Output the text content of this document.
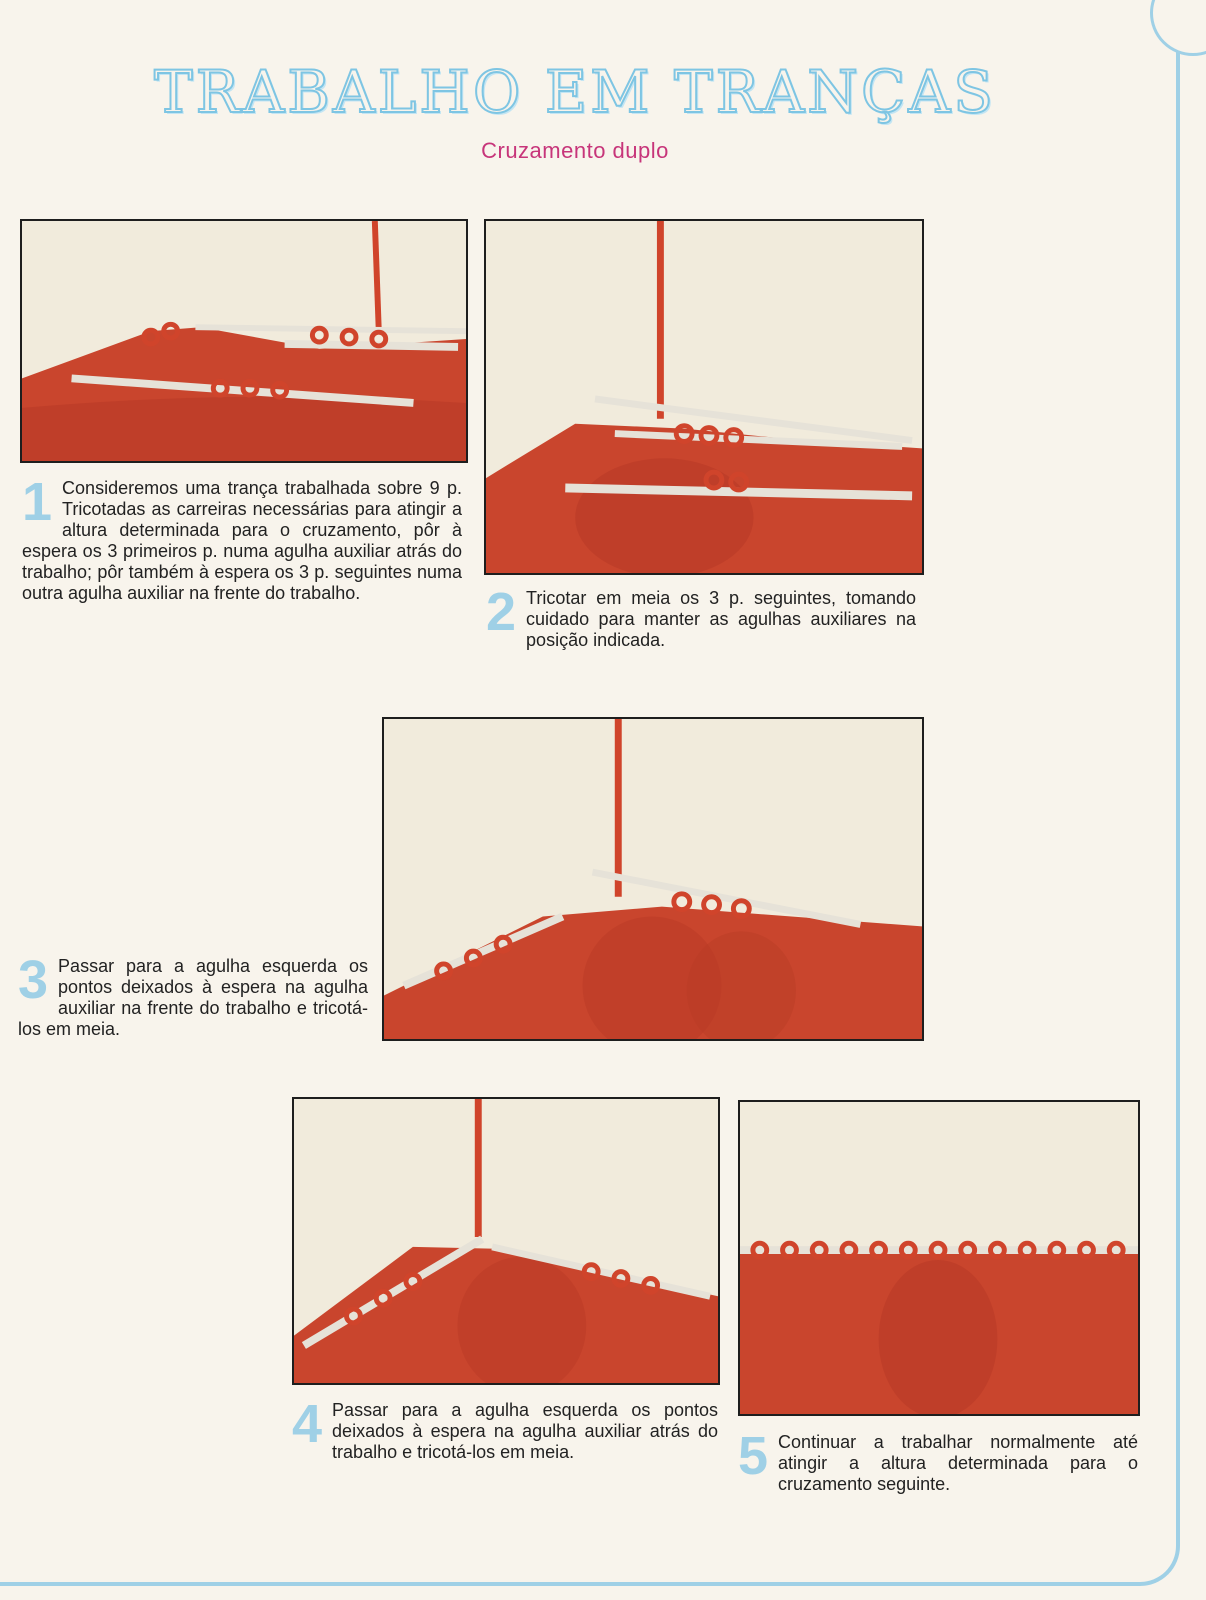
TRABALHO EM TRANÇAS
Cruzamento duplo
1 Consideremos uma trança trabalhada sobre 9 p. Tricotadas as carreiras necessárias para atingir a altura determinada para o cruzamento, pôr à espera os 3 primeiros p. numa agulha auxiliar atrás do trabalho; pôr também à espera os 3 p. seguintes numa outra agulha auxiliar na frente do trabalho.	2 Tricotar em meia os 3 p. seguintes, tomando cuidado para manter as agulhas auxiliares na posição indicada.
3 Passar para a agulha esquerda os pontos deixados à espera na agulha auxiliar na frente do trabalho e tricotá-los em meia.
4 Passar para a agulha esquerda os pontos deixados à espera na agulha auxiliar atrás do trabalho e tricotá-los em meia.	5 Continuar a trabalhar normalmente até atingir a altura determinada para o cruzamento seguinte.
